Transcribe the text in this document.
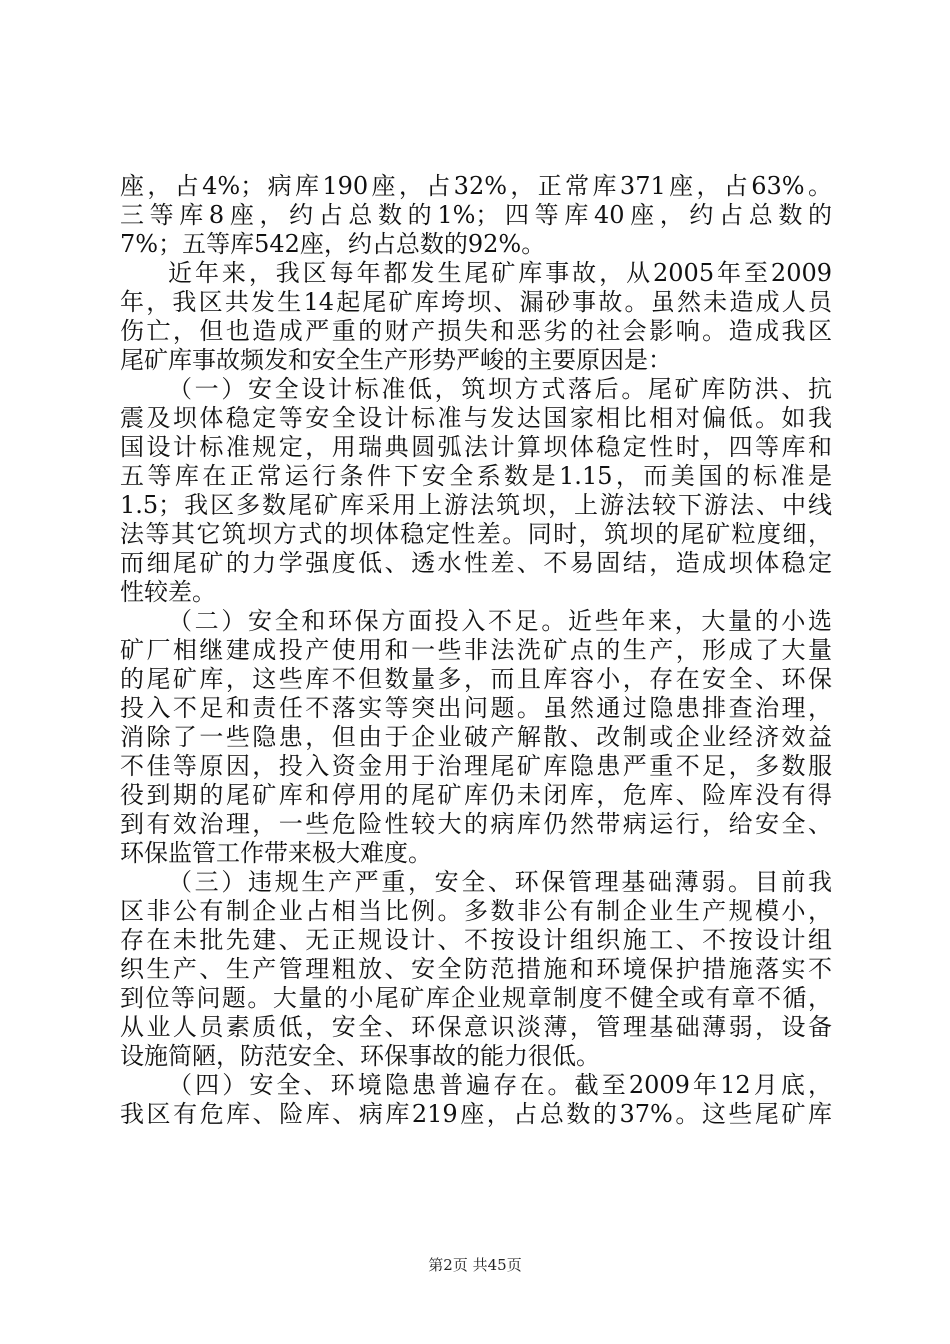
座，占4%；病库190座，占32%，正常库371座，占63%。
三等库8座，约占总数的1%；四等库40座，约占总数的
7%；五等库542座，约占总数的92%。
近年来，我区每年都发生尾矿库事故，从2005年至2009
年，我区共发生14起尾矿库垮坝、漏砂事故。虽然未造成人员
伤亡，但也造成严重的财产损失和恶劣的社会影响。造成我区
尾矿库事故频发和安全生产形势严峻的主要原因是：
（一）安全设计标准低，筑坝方式落后。尾矿库防洪、抗
震及坝体稳定等安全设计标准与发达国家相比相对偏低。如我
国设计标准规定，用瑞典圆弧法计算坝体稳定性时，四等库和
五等库在正常运行条件下安全系数是1.15，而美国的标准是
1.5；我区多数尾矿库采用上游法筑坝，上游法较下游法、中线
法等其它筑坝方式的坝体稳定性差。同时，筑坝的尾矿粒度细，
而细尾矿的力学强度低、透水性差、不易固结，造成坝体稳定
性较差。
（二）安全和环保方面投入不足。近些年来，大量的小选
矿厂相继建成投产使用和一些非法洗矿点的生产，形成了大量
的尾矿库，这些库不但数量多，而且库容小，存在安全、环保
投入不足和责任不落实等突出问题。虽然通过隐患排查治理，
消除了一些隐患，但由于企业破产解散、改制或企业经济效益
不佳等原因，投入资金用于治理尾矿库隐患严重不足，多数服
役到期的尾矿库和停用的尾矿库仍未闭库，危库、险库没有得
到有效治理，一些危险性较大的病库仍然带病运行，给安全、
环保监管工作带来极大难度。
（三）违规生产严重，安全、环保管理基础薄弱。目前我
区非公有制企业占相当比例。多数非公有制企业生产规模小，
存在未批先建、无正规设计、不按设计组织施工、不按设计组
织生产、生产管理粗放、安全防范措施和环境保护措施落实不
到位等问题。大量的小尾矿库企业规章制度不健全或有章不循，
从业人员素质低，安全、环保意识淡薄，管理基础薄弱，设备
设施简陋，防范安全、环保事故的能力很低。
（四）安全、环境隐患普遍存在。截至2009年12月底，
我区有危库、险库、病库219座，占总数的37%。这些尾矿库
第2页 共45页
